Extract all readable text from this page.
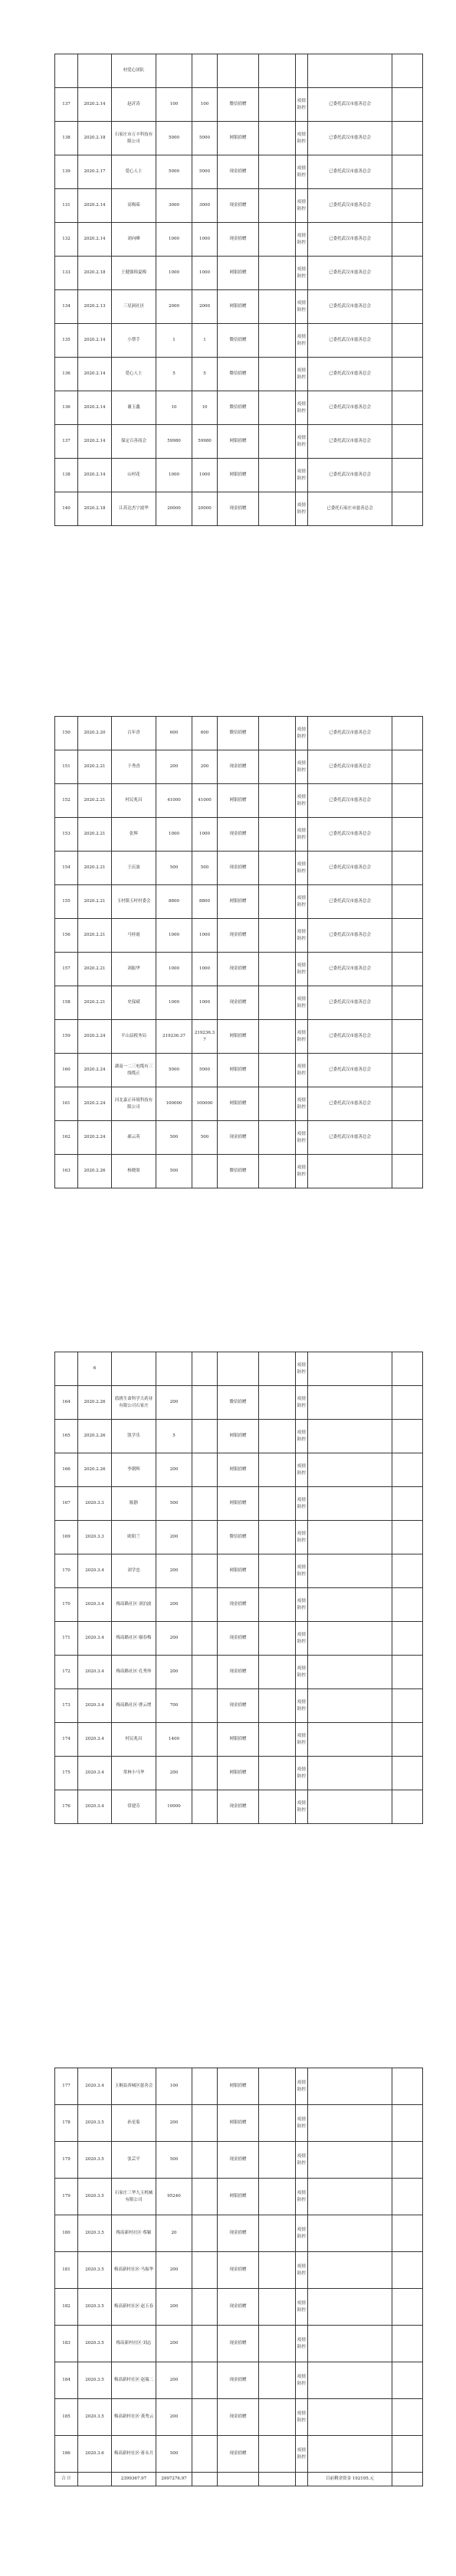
		村爱心团队							
137	2020.2.14	赵沂涛	100	100	微信捐赠		疫情防控	已委托武汉市慈善总会	
138	2020.2.18	石家庄市万丰科技有限公司	5000	5000	网银捐赠		疫情防控	已委托武汉市慈善总会	
139	2020.2.17	爱心人士	5000	5000	现金捐赠		疫情防控	已委托武汉市慈善总会	
131	2020.2.14	高梅茹	3000	3000	现金捐赠		疫情防控	已委托武汉市慈善总会	
132	2020.2.14	刘向峰	1000	1000	现金捐赠		疫情防控	已委托武汉市慈善总会	
133	2020.2.18	王健强韩夏梅	1000	1000	网银捐赠		疫情防控	已委托武汉市慈善总会	
134	2020.2.13	三星洞社区	2000	2000	网银捐赠		疫情防控	已委托武汉市慈善总会	
135	2020.2.14	小帮手	1	1	微信捐赠		疫情防控	已委托武汉市慈善总会	
136	2020.2.14	爱心人士	5	5	微信捐赠		疫情防控	已委托武汉市慈善总会	
136	2020.2.14	谢玉鑫	10	10	微信捐赠		疫情防控	已委托武汉市慈善总会	
137	2020.2.14	保定百善商会	59980	59980	网银捐赠		疫情防控	已委托武汉市慈善总会	
138	2020.2.14	山村花	1000	1000	网银捐赠		疫情防控	已委托武汉市慈善总会	
140	2020.2.18	江苏达杰宁波华	20000	20000	现金捐赠		疫情防控	已委托石家庄市慈善总会	
150	2020.2.20	百年香	600	600	微信捐赠		疫情防控	已委托武汉市慈善总会	
151	2020.2.21	于秀香	200	200	现金捐赠		疫情防控	已委托武汉市慈善总会	
152	2020.2.21	村民兆昌	41000	41000	网银捐赠		疫情防控	已委托武汉市慈善总会	
153	2020.2.21	张辉	1000	1000	现金捐赠		疫情防控	已委托武汉市慈善总会	
154	2020.2.21	王庆波	500	500	现金捐赠		疫情防控	已委托武汉市慈善总会	
155	2020.2.21	玉村镇玉村村委会	8800	8800	网银捐赠		疫情防控	已委托武汉市慈善总会	
156	2020.2.21	马桂霞	1000	1000	现金捐赠		疫情防控	已委托武汉市慈善总会	
157	2020.2.21	刘振华	1000	1000	现金捐赠		疫情防控	已委托武汉市慈善总会	
158	2020.2.21	史保斌	1000	1000	现金捐赠		疫情防控	已委托武汉市慈善总会	
159	2020.2.24	平山县税务局	219236.37	219236.37	网银捐赠		疫情防控	已委托武汉市慈善总会	
160	2020.2.24	湖南一二三电缆有三线缆正	5000	5000	网银捐赠		疫情防控	已委托武汉市慈善总会	
161	2020.2.24	河北嘉正环境科技有限公司	100000	100000	网银捐赠		疫情防控	已委托武汉市慈善总会	
162	2020.2.24	郝云英	500	500	现金捐赠		疫情防控	已委托武汉市慈善总会	
163	2020.2.26	杨晓果	500		微信捐赠		疫情防控		
	6						疫情防控		
164	2020.2.26	蓝鸥生命科学大药业有限公司石家庄	200		微信捐赠		疫情防控		
165	2020.2.26	凯学乐	5		网银捐赠		疫情防控		
166	2020.2.26	李朝辉	200		网银捐赠		疫情防控		
167	2020.3.3	陈静	500		网银捐赠		疫情防控		
169	2020.3.3	欧阳兰	200		微信捐赠		疫情防控		
170	2020.3.4	刘学忠	200		网银捐赠		疫情防控		
170	2020.3.4	梅高路社区·刘泊波	200		现金捐赠		疫情防控		
171	2020.3.4	梅高路社区·谢春梅	200		现金捐赠		疫情防控		
172	2020.3.4	梅高路社区·孔秀珍	200		现金捐赠		疫情防控		
173	2020.3.4	梅高路社区·曹云增	700		现金捐赠		疫情防控		
174	2020.3.4	村民兆昌	1400		网银捐赠		疫情防控		
175	2020.3.4	常林小马华	200		网银捐赠		疫情防控		
176	2020.3.4	常建芬	10000		现金捐赠		疫情防控		
177	2020.3.4	玉桐县西城区慈善会	100		网银捐赠		疫情防控		
178	2020.3.5	孙星菊	200		网银捐赠		疫情防控		
179	2020.3.5	张芸平	500		现金捐赠		疫情防控		
179	2020.3.5	石家庄三华九玉机械有限公司	95240		网银捐赠		疫情防控		
180	2020.3.5	梅高新村社区·蔡颖	20		现金捐赠		疫情防控		
181	2020.3.5	梅高新村社区·马振华	200		现金捐赠		疫情防控		
182	2020.3.5	梅高新村社区·赵玉春	200		现金捐赠		疫情防控		
183	2020.3.5	梅高新村社区·刘志	200		现金捐赠		疫情防控		
184	2020.3.5	梅高新村社区·赵瑞二	200		现金捐赠		疫情防控		
185	2020.3.5	梅高新村社区·龚秀云	200		现金捐赠		疫情防控		
186	2020.3.6	梅高新村社区·蒋永月	500		现金捐赠		疫情防控		
合 计		2399367.97	2997276.97					目前剩余资金 192195.元	
